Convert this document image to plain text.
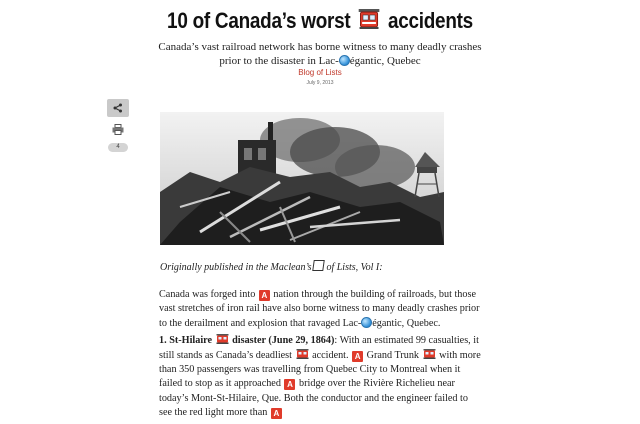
10 of Canada’s worst accidents
Canada’s vast railroad network has borne witness to many deadly crashes prior to the disaster in Lac- égantic, Quebec
Blog of Lists
July 9, 2013
4
Originally published in the Maclean’s of Lists, Vol I:

Canada was forged into A nation through the building of railroads, but those vast stretches of iron rail have also borne witness to many deadly crashes prior to the derailment and explosion that ravaged Lac- égantic, Quebec.

1. St-Hilaire disaster (June 29, 1864): With an estimated 99 casualties, it still stands as Canada’s deadliest accident. A Grand Trunk with more than 350 passengers was travelling from Quebec City to Montreal when it failed to stop as it approached A bridge over the Rivière Richelieu near today’s Mont-St-Hilaire, Que. Both the conductor and the engineer failed to see the red light more than A
